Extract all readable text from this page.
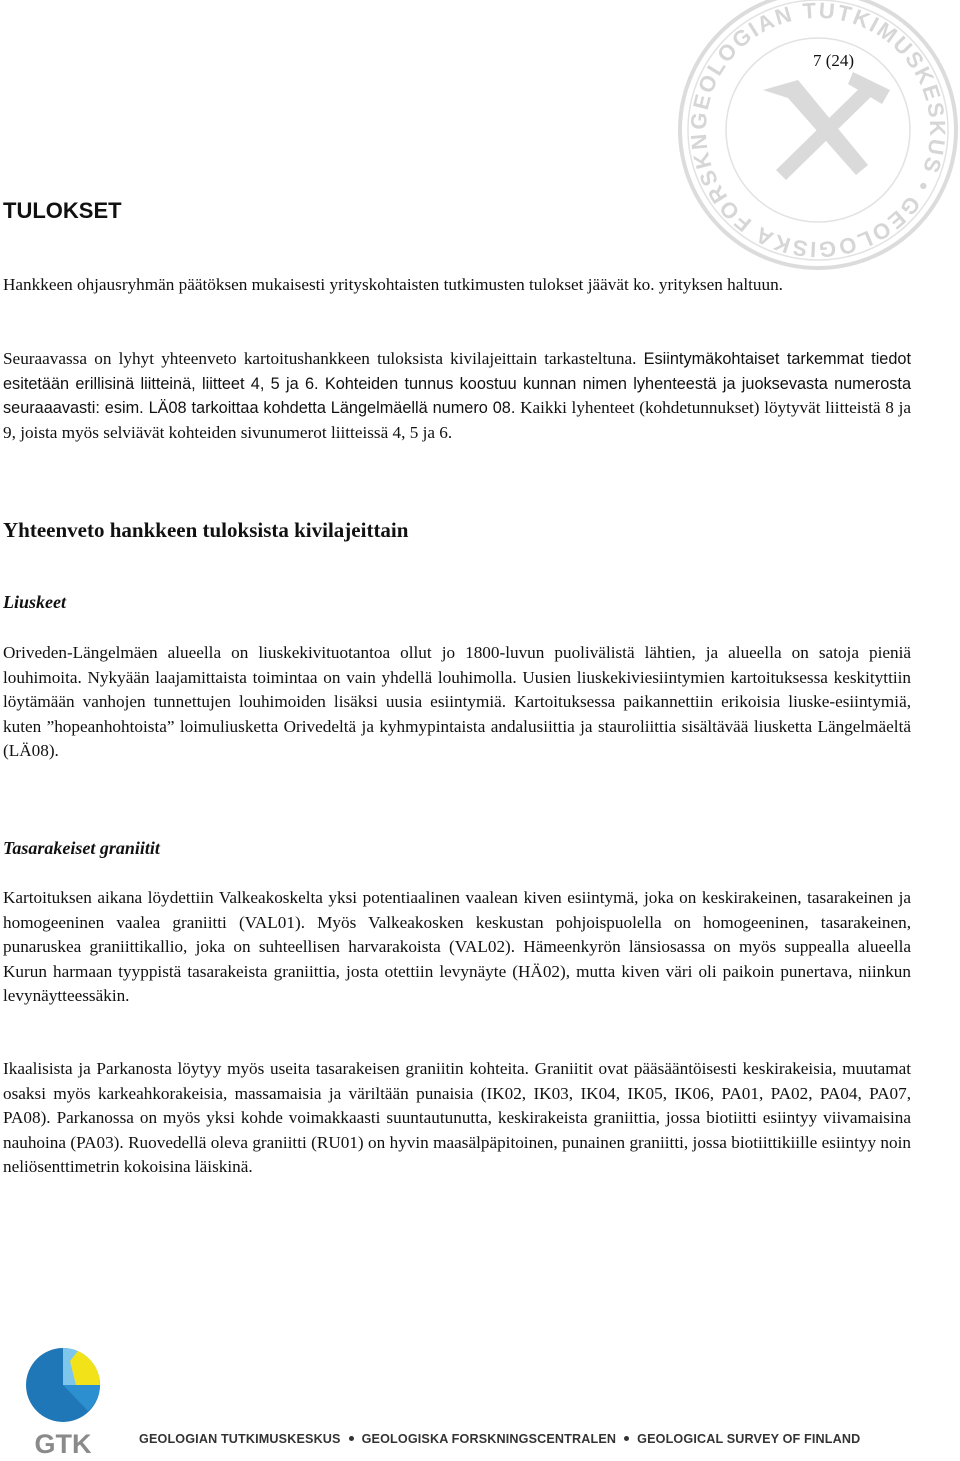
7 (24)
GEOLOGIAN TUTKIMUSKESKUS • GEOLOGISKA FORSKN
TULOKSET

Hankkeen ohjausryhmän päätöksen mukaisesti yrityskohtaisten tutkimusten tulokset jäävät ko. yrityksen haltuun.

Seuraavassa on lyhyt yhteenveto kartoitushankkeen tuloksista kivilajeittain tarkasteltuna. Esiintymäkohtaiset tarkemmat tiedot esitetään erillisinä liitteinä, liitteet 4, 5 ja 6. Kohteiden tunnus koostuu kunnan nimen lyhenteestä ja juoksevasta numerosta seuraaavasti: esim. LÄ08 tarkoittaa kohdetta Längelmäellä numero 08. Kaikki lyhenteet (kohdetunnukset) löytyvät liitteistä 8 ja 9, joista myös selviävät kohteiden sivunumerot liitteissä 4, 5 ja 6.

Yhteenveto hankkeen tuloksista kivilajeittain
Liuskeet

Oriveden-Längelmäen alueella on liuskekivituotantoa ollut jo 1800-luvun puolivälistä lähtien, ja alueella on satoja pieniä louhimoita. Nykyään laajamittaista toimintaa on vain yhdellä louhimolla. Uusien liuskekiviesiintymien kartoituksessa keskityttiin löytämään vanhojen tunnettujen louhimoiden lisäksi uusia esiintymiä. Kartoituksessa paikannettiin erikoisia liuske-esiintymiä, kuten ”hopeanhohtoista” loimuliusketta Orivedeltä ja kyhmypintaista andalusiittia ja stauroliittia sisältävää liusketta Längelmäeltä (LÄ08).

Tasarakeiset graniitit

Kartoituksen aikana löydettiin Valkeakoskelta yksi potentiaalinen vaalean kiven esiintymä, joka on keskirakeinen, tasarakeinen ja homogeeninen vaalea graniitti (VAL01). Myös Valkeakosken keskustan pohjoispuolella on homogeeninen, tasarakeinen, punaruskea graniittikallio, joka on suhteellisen harvarakoista (VAL02). Hämeenkyrön länsiosassa on myös suppealla alueella Kurun harmaan tyyppistä tasarakeista graniittia, josta otettiin levynäyte (HÄ02), mutta kiven väri oli paikoin punertava, niinkun levynäytteessäkin.

Ikaalisista ja Parkanosta löytyy myös useita tasarakeisen graniitin kohteita. Graniitit ovat pääsääntöisesti keskirakeisia, muutamat osaksi myös karkeahkorakeisia, massamaisia ja väriltään punaisia (IK02, IK03, IK04, IK05, IK06, PA01, PA02, PA04, PA07, PA08). Parkanossa on myös yksi kohde voimakkaasti suuntautunutta, keskirakeista graniittia, jossa biotiitti esiintyy viivamaisina nauhoina (PA03). Ruovedellä oleva graniitti (RU01) on hyvin maasälpäpitoinen, punainen graniitti, jossa biotiittikiille esiintyy noin neliösenttimetrin kokoisina läiskinä.

GTK	GEOLOGIAN TUTKIMUSKESKUS GEOLOGISKA FORSKNINGSCENTRALEN GEOLOGICAL SURVEY OF FINLAND
